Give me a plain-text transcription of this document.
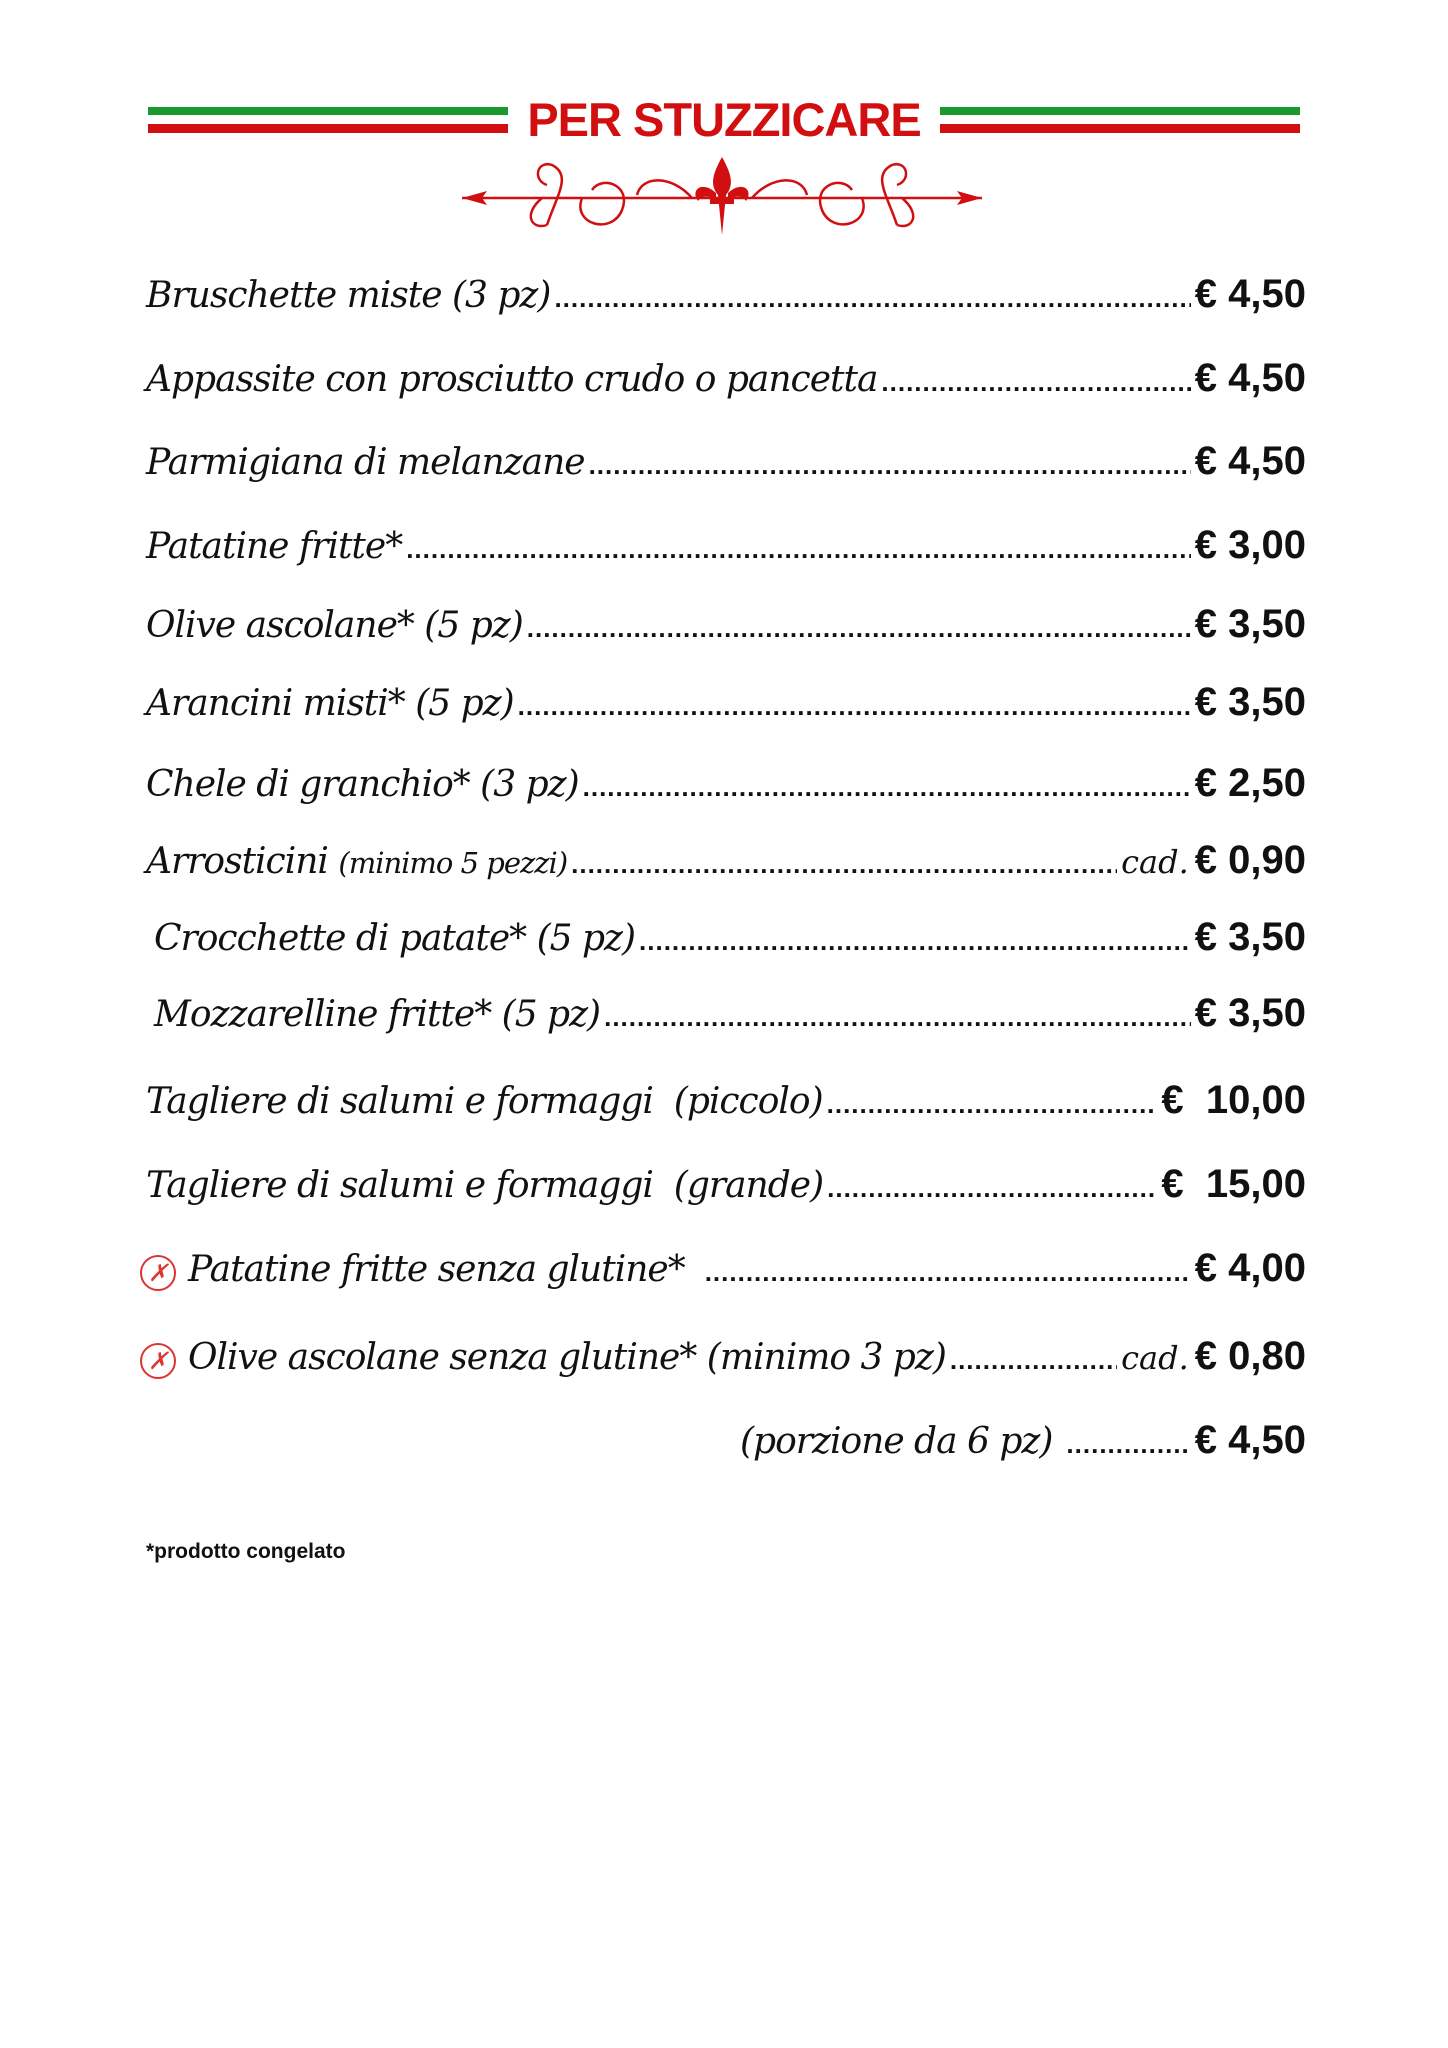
PER STUZZICARE
Bruschette miste (3 pz) .....	€ 4,50
Appassite con prosciutto crudo o pancetta .....	€ 4,50
Parmigiana di melanzane .....	€ 4,50
Patatine fritte* .....	€ 3,00
Olive ascolane* (5 pz) .....	€ 3,50
Arancini misti* (5 pz) .....	€ 3,50
Chele di granchio* (3 pz) .....	€ 2,50
Arrosticini (minimo 5 pezzi) .....	cad. € 0,90
Crocchette di patate* (5 pz) .....	€ 3,50
Mozzarelline fritte* (5 pz) .....	€ 3,50
Tagliere di salumi e formaggi  (piccolo) .....	€  10,00
Tagliere di salumi e formaggi  (grande) .....	€  15,00
✗ Patatine fritte senza glutine* .....	€ 4,00
✗ Olive ascolane senza glutine* (minimo 3 pz) .....	cad. € 0,80
(porzione da 6 pz) .....	€ 4,50
*prodotto congelato
